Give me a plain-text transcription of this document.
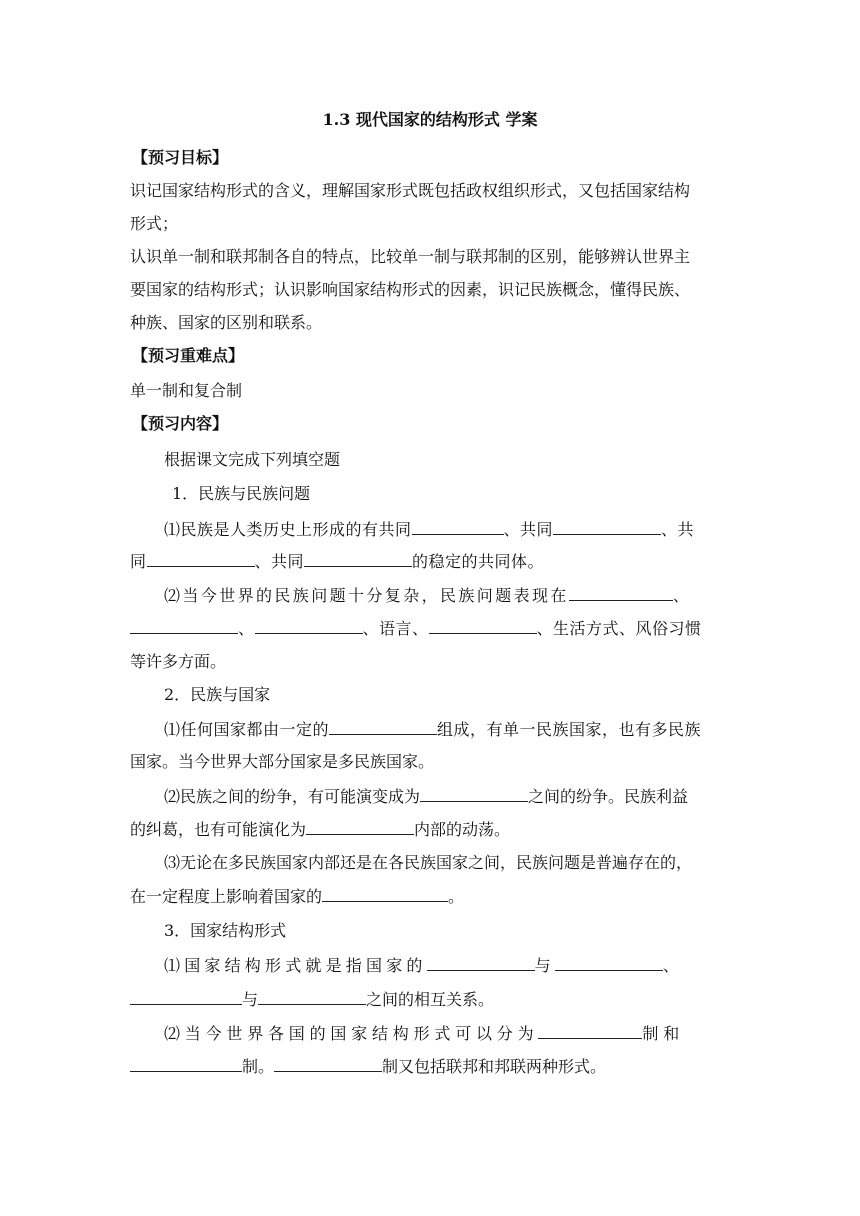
1.3 现代国家的结构形式 学案
【预习目标】
识记国家结构形式的含义，理解国家形式既包括政权组织形式，又包括国家结构
形式；
认识单一制和联邦制各自的特点，比较单一制与联邦制的区别，能够辨认世界主
要国家的结构形式；认识影响国家结构形式的因素，识记民族概念，懂得民族、
种族、国家的区别和联系。
【预习重难点】
单一制和复合制
【预习内容】
根据课文完成下列填空题
1．民族与民族问题
⑴民族是人类历史上形成的有共同	、共同	、共
同	、共同	的稳定的共同体。
⑵当今世界的民族问题十分复杂，民族问题表现在	、
、	、语言、	、生活方式、风俗习惯
等许多方面。
2．民族与国家
⑴任何国家都由一定的	组成，有单一民族国家，也有多民族
国家。当今世界大部分国家是多民族国家。
⑵民族之间的纷争，有可能演变成为	之间的纷争。民族利益
的纠葛，也有可能演化为	内部的动荡。
⑶无论在多民族国家内部还是在各民族国家之间，民族问题是普遍存在的，
在一定程度上影响着国家的	。
3．国家结构形式
⑴国家结构形式就是指国家的	与	、
与	之间的相互关系。
⑵当今世界各国的国家结构形式可以分为	制和
制。	制又包括联邦和邦联两种形式。
